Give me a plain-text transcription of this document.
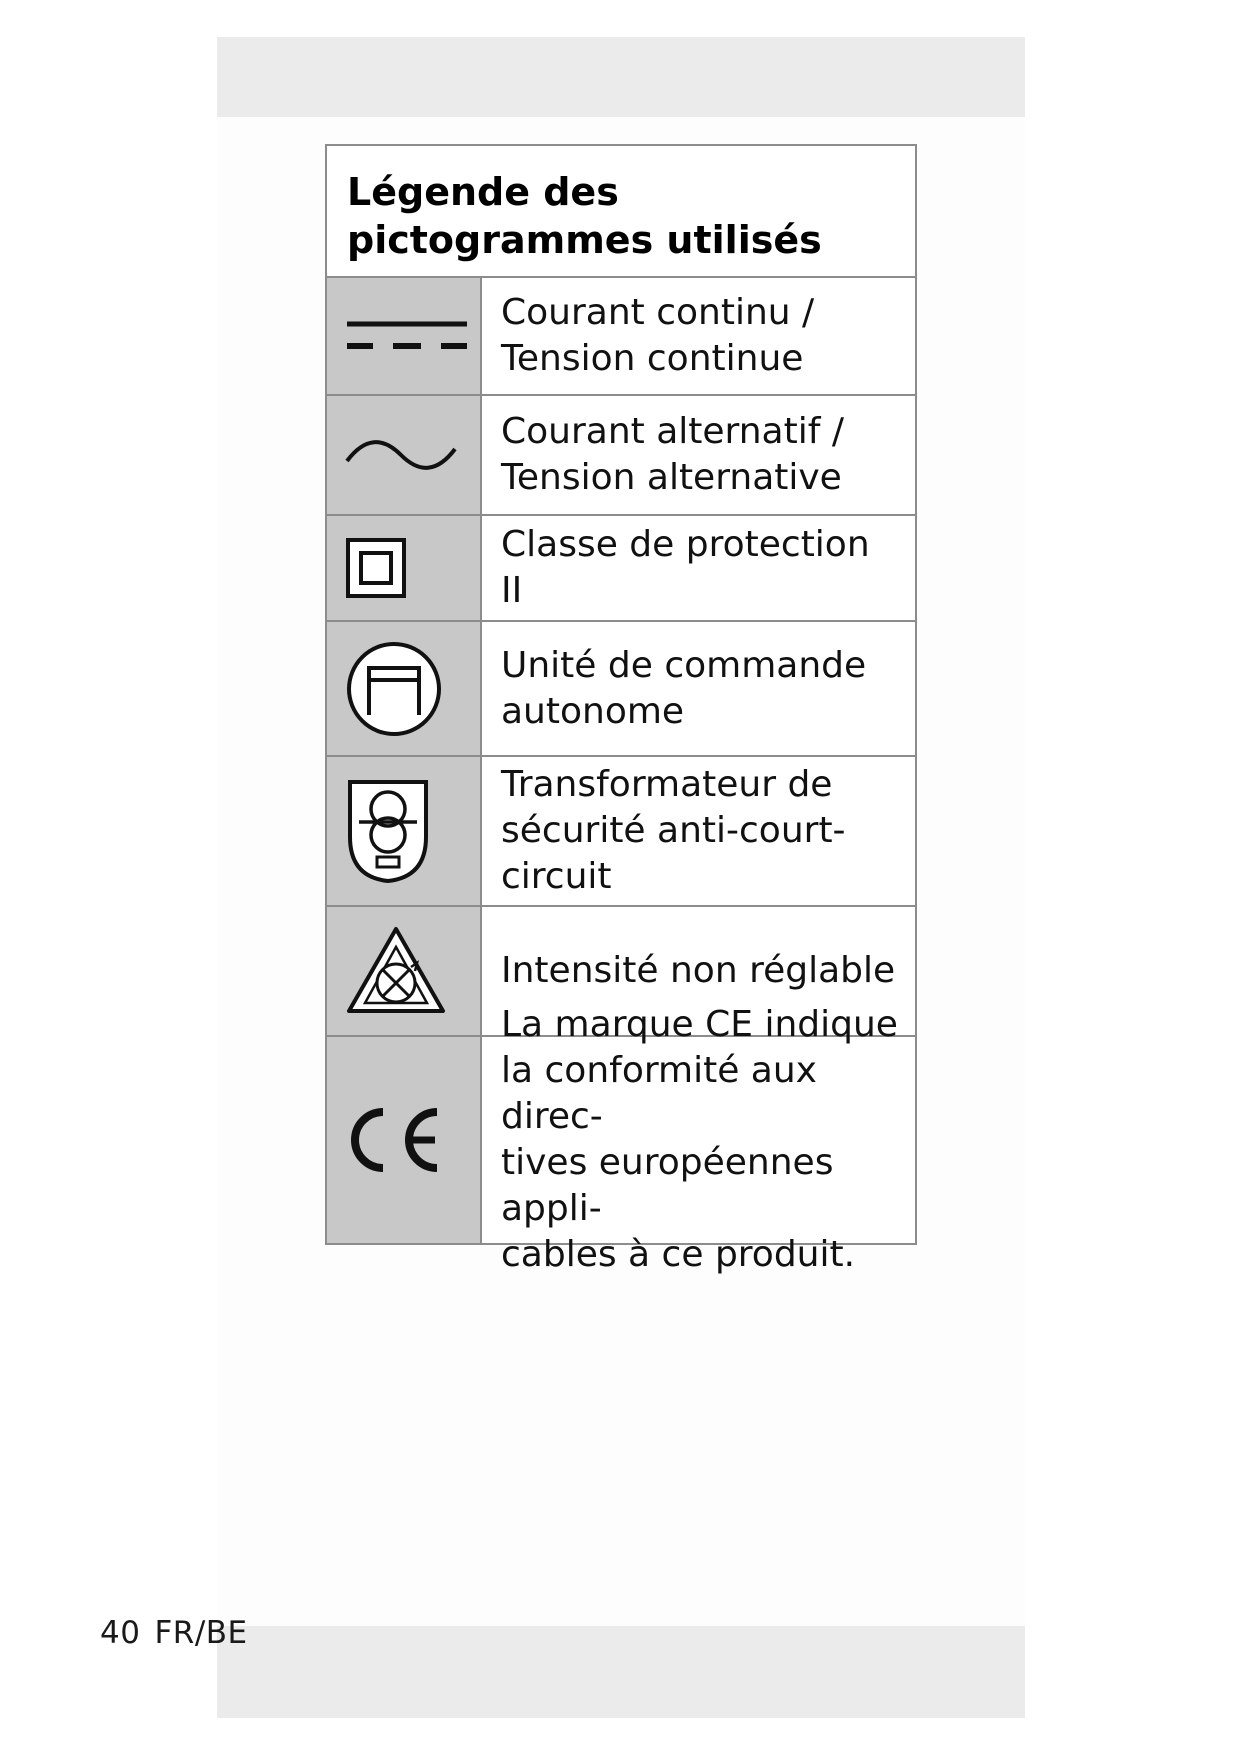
40 FR/BE
Légende des pictogrammes utilisés
Courant continu /
Tension continue
Courant alternatif /
Tension alternative
Classe de protection II
Unité de commande
autonome
Transformateur de
sécurité anti-court-circuit
Intensité non réglable
La marque CE indique
la conformité aux direc-
tives européennes appli-
cables à ce produit.
